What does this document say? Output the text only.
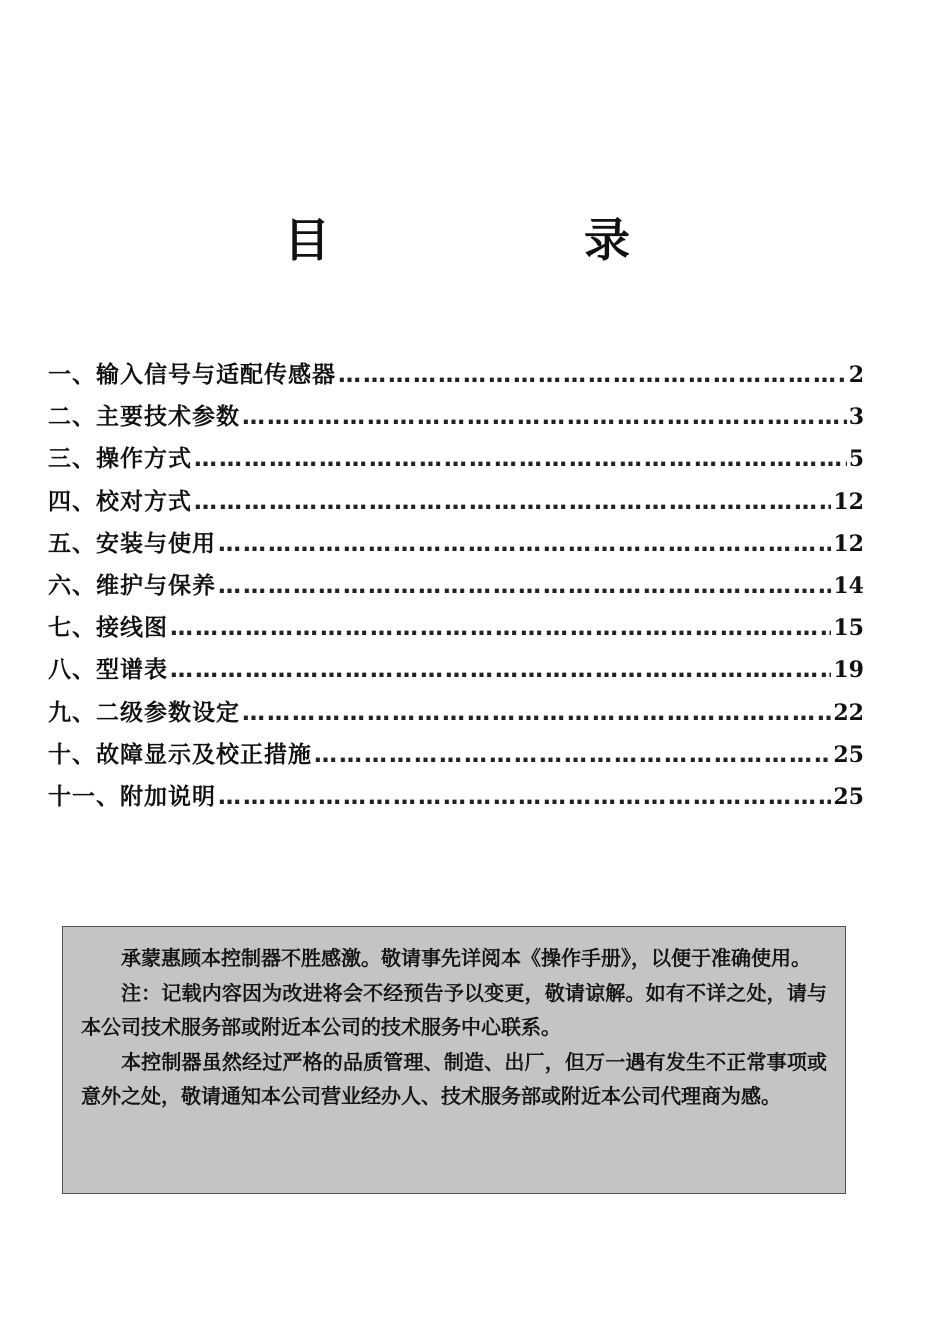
目	录
一、输入信号与适配传感器 ……………………………………………………………………………………………………………………………………………………………………	2
二、主要技术参数 ……………………………………………………………………………………………………………………………………………………………………	3
三、操作方式 ……………………………………………………………………………………………………………………………………………………………………	5
四、校对方式 ……………………………………………………………………………………………………………………………………………………………………	12
五、安装与使用 ……………………………………………………………………………………………………………………………………………………………………	12
六、维护与保养 ……………………………………………………………………………………………………………………………………………………………………	14
七、接线图 ……………………………………………………………………………………………………………………………………………………………………	15
八、型谱表 ……………………………………………………………………………………………………………………………………………………………………	19
九、二级参数设定 ……………………………………………………………………………………………………………………………………………………………………	22
十、故障显示及校正措施 ……………………………………………………………………………………………………………………………………………………………………	25
十一、附加说明 ……………………………………………………………………………………………………………………………………………………………………	25

承蒙惠顾本控制器不胜感激。敬请事先详阅本《操作手册》，以便于准确使用。

注：记载内容因为改进将会不经预告予以变更，敬请谅解。如有不详之处，请与本公司技术服务部或附近本公司的技术服务中心联系。

本控制器虽然经过严格的品质管理、制造、出厂，但万一遇有发生不正常事项或意外之处，敬请通知本公司营业经办人、技术服务部或附近本公司代理商为感。
